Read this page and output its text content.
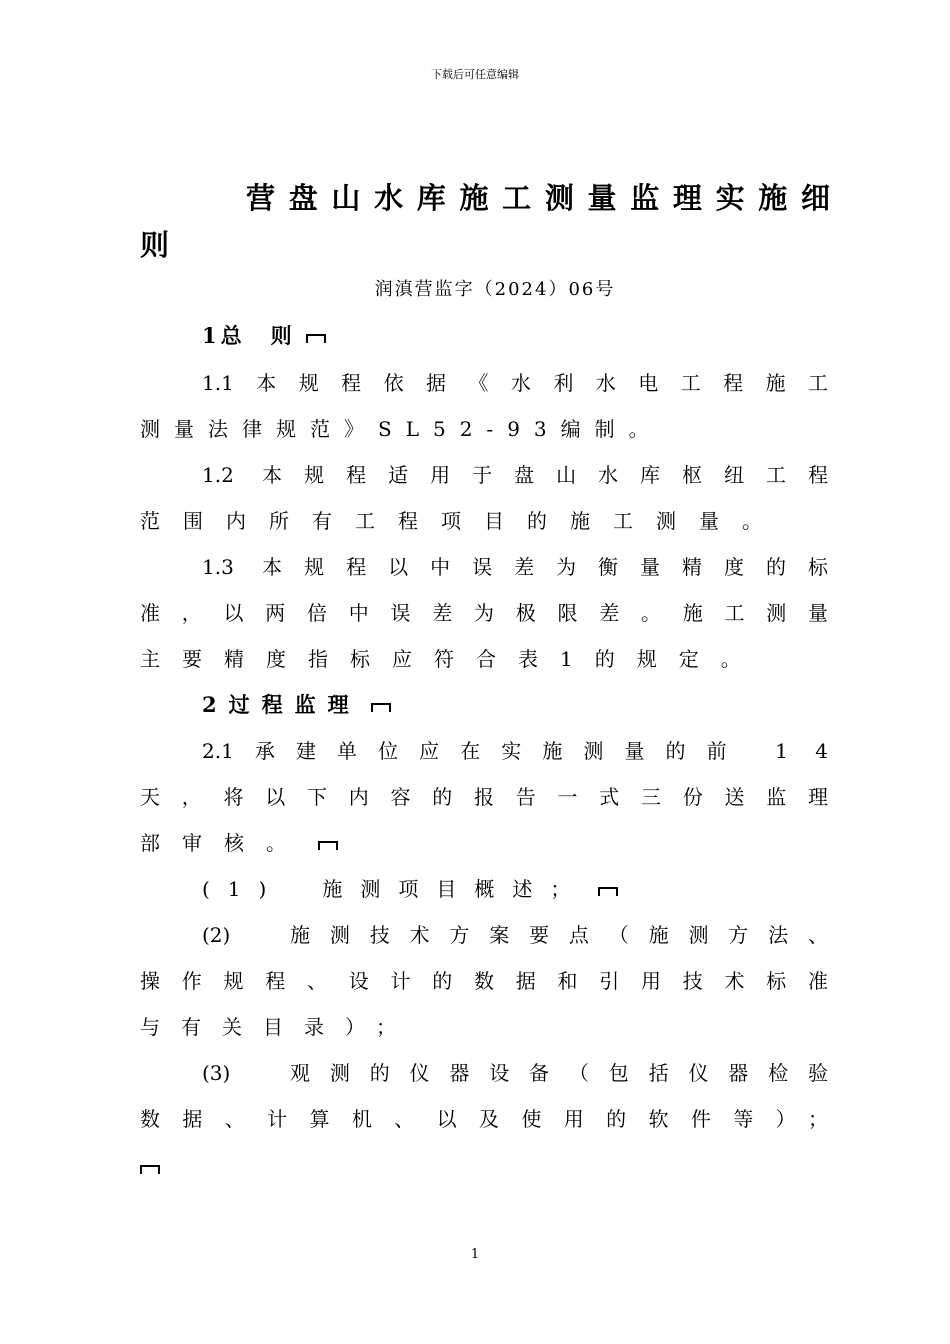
下载后可任意编辑
营盘山水库施工测量监理实施细
则
润滇营监字（2024）06号
1总　则
1.1本规程依据《水利水电工程施工
测量法律规范》SL52-93编制。
1.2 本规程适用于盘山水库枢纽工程
范围内所有工程项目的施工测量。
1.3 本规程以中误差为衡量精度的标
准，以两倍中误差为极限差。施工测量
主要精度指标应符合表1的规定。
2过程监理
2.1承建单位应在实施测量的前 1 4
天，将以下内容的报告一式三份送监理
部审核。
(1)　施测项目概述；
(2)　施测技术方案要点（施测方法、
操作规程、设计的数据和引用技术标准
与有关目录）；
(3)　观测的仪器设备（包括仪器检验
数据、计算机、以及使用的软件等）；
1
